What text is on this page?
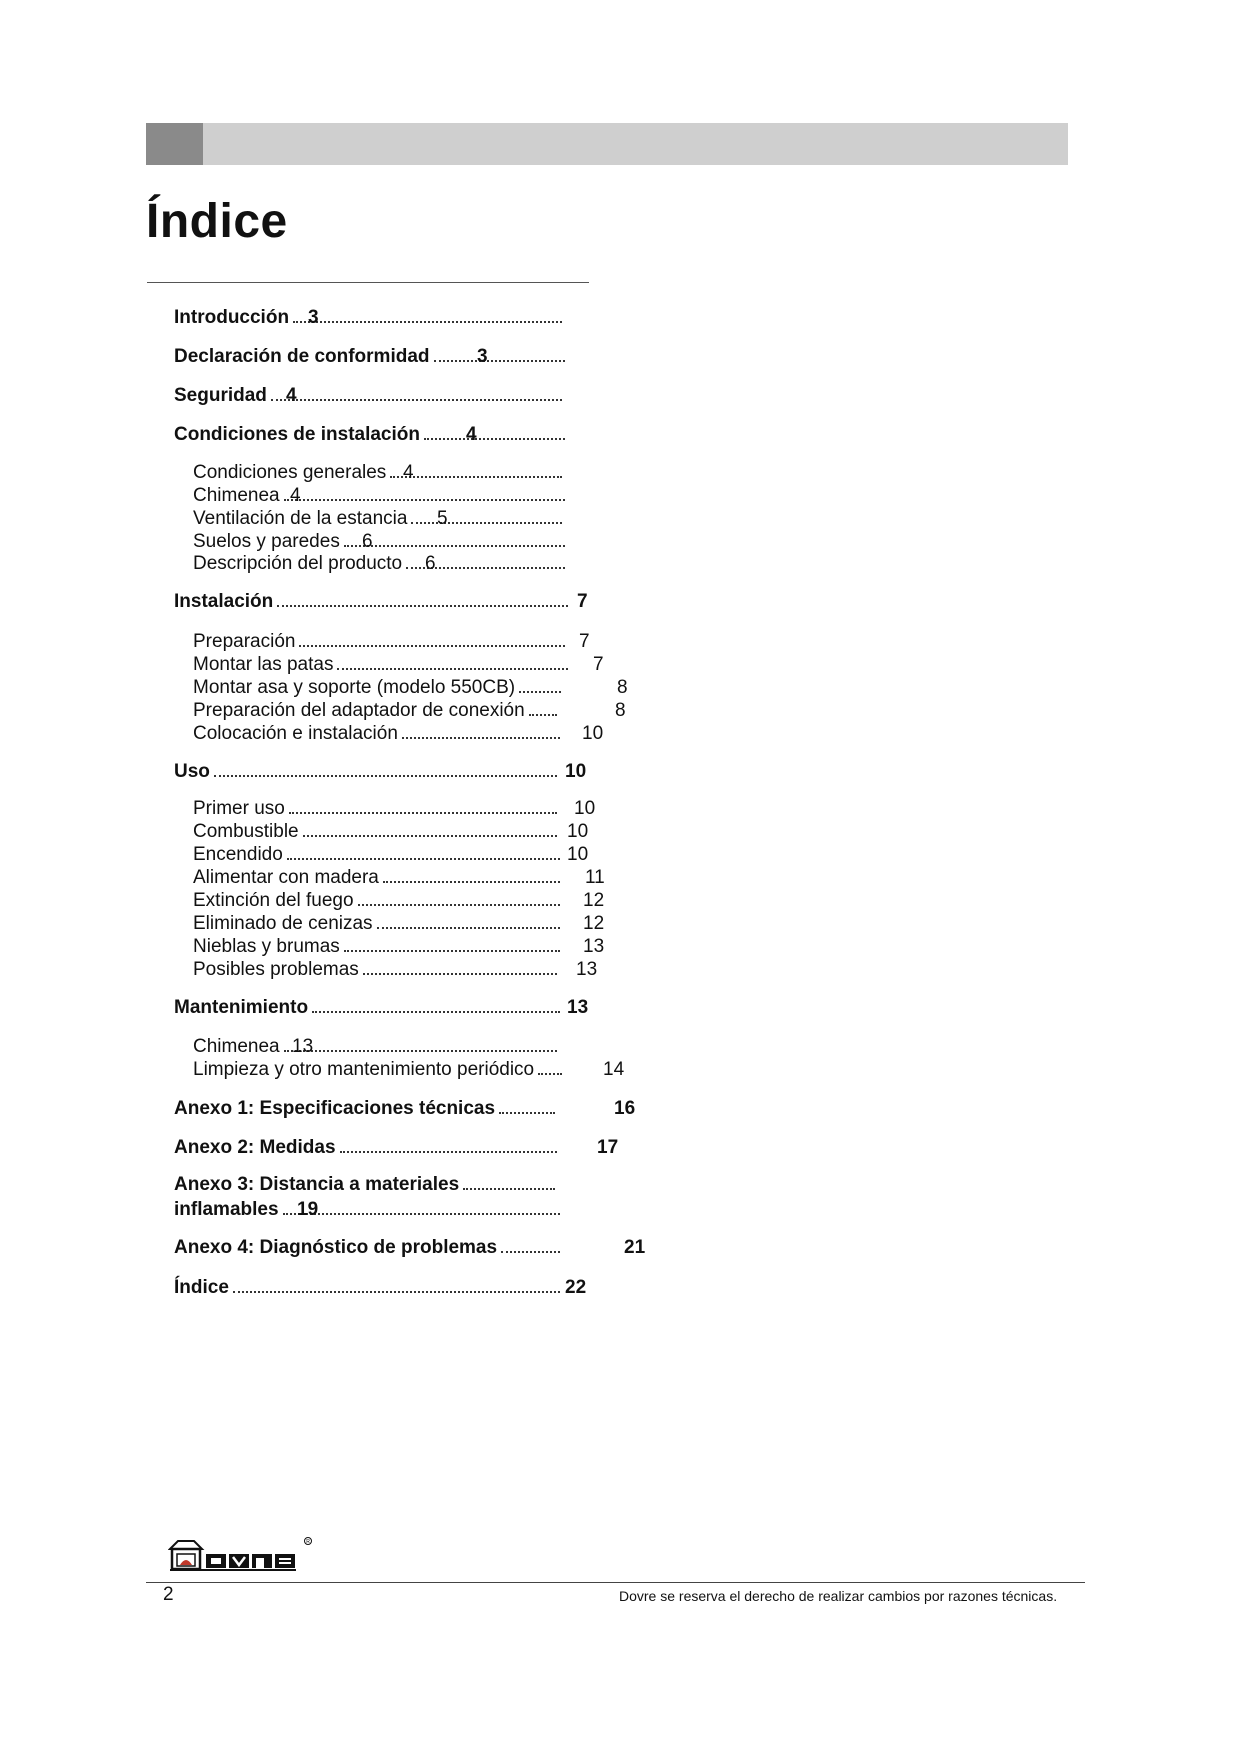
Índice
Introducción 3
Declaración de conformidad 3
Seguridad 4
Condiciones de instalación 4
Condiciones generales 4
Chimenea 4
Ventilación de la estancia 5
Suelos y paredes 6
Descripción del producto 6
Instalación	7
Preparación	7
Montar las patas	7
Montar asa y soporte (modelo 550CB)	8
Preparación del adaptador de conexión	8
Colocación e instalación	10
Uso	10
Primer uso	10
Combustible	10
Encendido	10
Alimentar con madera	11
Extinción del fuego	12
Eliminado de cenizas	12
Nieblas y brumas	13
Posibles problemas	13
Mantenimiento	13
Chimenea 13
Limpieza y otro mantenimiento periódico	14
Anexo 1: Especificaciones técnicas	16
Anexo 2: Medidas	17
Anexo 3: Distancia a materiales
inflamables 19
Anexo 4: Diagnóstico de problemas	21
Índice	22
R
2	Dovre se reserva el derecho de realizar cambios por razones técnicas.
